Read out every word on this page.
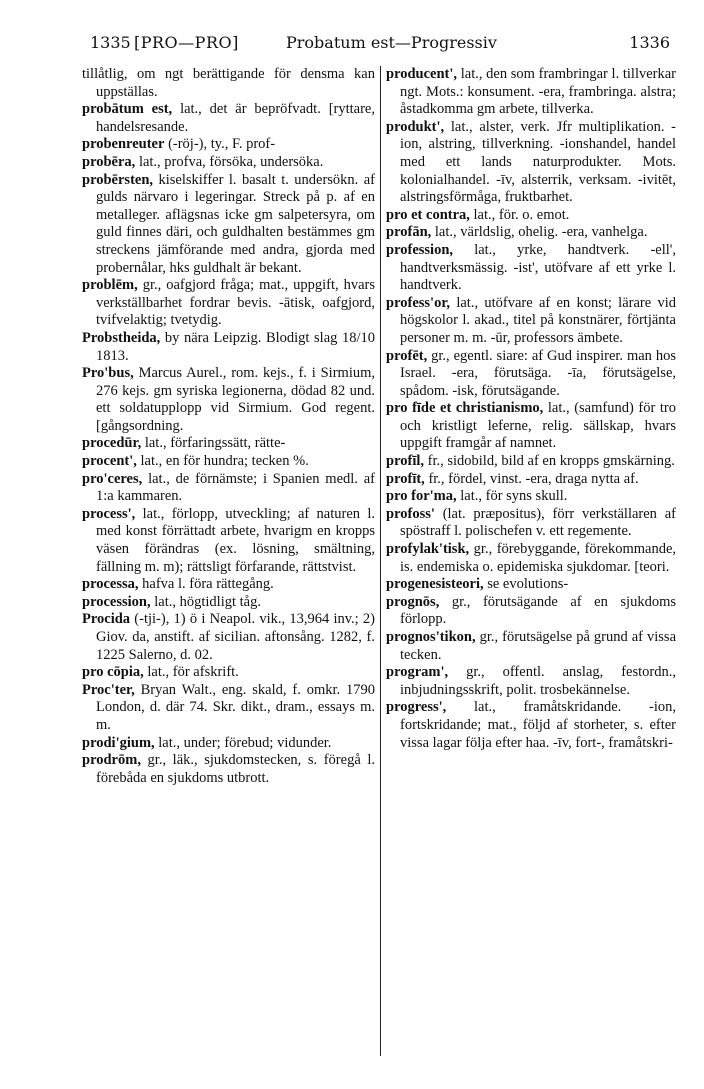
1335 [PRO—PRO]	Probatum est—Progressiv	1336

tillåtlig, om ngt berättigande för densma kan uppställas.

probātum est, lat., det är bepröfvadt. [ryttare, handelsresande.

probenreuter (-röj-), ty., F. prof-

probēra, lat., profva, försöka, undersöka.

probērsten, kiselskiffer l. basalt t. undersökn. af gulds närvaro i legeringar. Streck på p. af en metalleger. aflägsnas icke gm salpetersyra, om guld finnes däri, och guldhalten bestämmes gm streckens jämförande med andra, gjorda med probernålar, hks guldhalt är bekant.

problēm, gr., oafgjord fråga; mat., uppgift, hvars verkställbarhet fordrar bevis. -ātisk, oafgjord, tvifvelaktig; tvetydig.

Probstheida, by nära Leipzig. Blodigt slag 18/10 1813.

Pro'bus, Marcus Aurel., rom. kejs., f. i Sirmium, 276 kejs. gm syriska legionerna, dödad 82 und. ett soldatupplopp vid Sirmium. God regent. [gångsordning.

procedūr, lat., förfaringssätt, rätte-

procent', lat., en för hundra; tecken %.

pro'ceres, lat., de förnämste; i Spanien medl. af 1:a kammaren.

process', lat., förlopp, utveckling; af naturen l. med konst förrättadt arbete, hvarigm en kropps väsen förändras (ex. lösning, smältning, fällning m. m); rättsligt förfarande, rättstvist.

processa, hafva l. föra rättegång.

procession, lat., högtidligt tåg.

Procida (-tji-), 1) ö i Neapol. vik., 13,964 inv.; 2) Giov. da, anstift. af sicilian. aftonsång. 1282, f. 1225 Salerno, d. 02.

pro cōpia, lat., för afskrift.

Proc'ter, Bryan Walt., eng. skald, f. omkr. 1790 London, d. där 74. Skr. dikt., dram., essays m. m.

prodi'gium, lat., under; förebud; vidunder.

prodrōm, gr., läk., sjukdomstecken, s. föregå l. förebåda en sjukdoms utbrott.

producent', lat., den som frambringar l. tillverkar ngt. Mots.: konsument. -era, frambringa. alstra; åstadkomma gm arbete, tillverka.

produkt', lat., alster, verk. Jfr multiplikation. -ion, alstring, tillverkning. -ionshandel, handel med ett lands naturprodukter. Mots. kolonialhandel. -īv, alsterrik, verksam. -ivitēt, alstringsförmåga, fruktbarhet.

pro et contra, lat., för. o. emot.

profān, lat., världslig, ohelig. -era, vanhelga.

profession, lat., yrke, handtverk. -ell', handtverksmässig. -ist', utöfvare af ett yrke l. handtverk.

profess'or, lat., utöfvare af en konst; lärare vid högskolor l. akad., titel på konstnärer, förtjänta personer m. m. -ūr, professors ämbete.

profēt, gr., egentl. siare: af Gud inspirer. man hos Israel. -era, förutsäga. -īa, förutsägelse, spådom. -isk, förutsägande.

pro fīde et christianismo, lat., (samfund) för tro och kristligt leferne, relig. sällskap, hvars uppgift framgår af namnet.

profīl, fr., sidobild, bild af en kropps gmskärning.

profīt, fr., fördel, vinst. -era, draga nytta af.

pro for'ma, lat., för syns skull.

profoss' (lat. præpositus), förr verkställaren af spöstraff l. polischefen v. ett regemente.

profylak'tisk, gr., förebyggande, förekommande, is. endemiska o. epidemiska sjukdomar. [teori.

progenesisteori, se evolutions-

prognōs, gr., förutsägande af en sjukdoms förlopp.

prognos'tikon, gr., förutsägelse på grund af vissa tecken.

program', gr., offentl. anslag, festordn., inbjudningsskrift, polit. trosbekännelse.

progress', lat., framåtskridande. -ion, fortskridande; mat., följd af storheter, s. efter vissa lagar följa efter haa. -īv, fort-, framåtskri-
